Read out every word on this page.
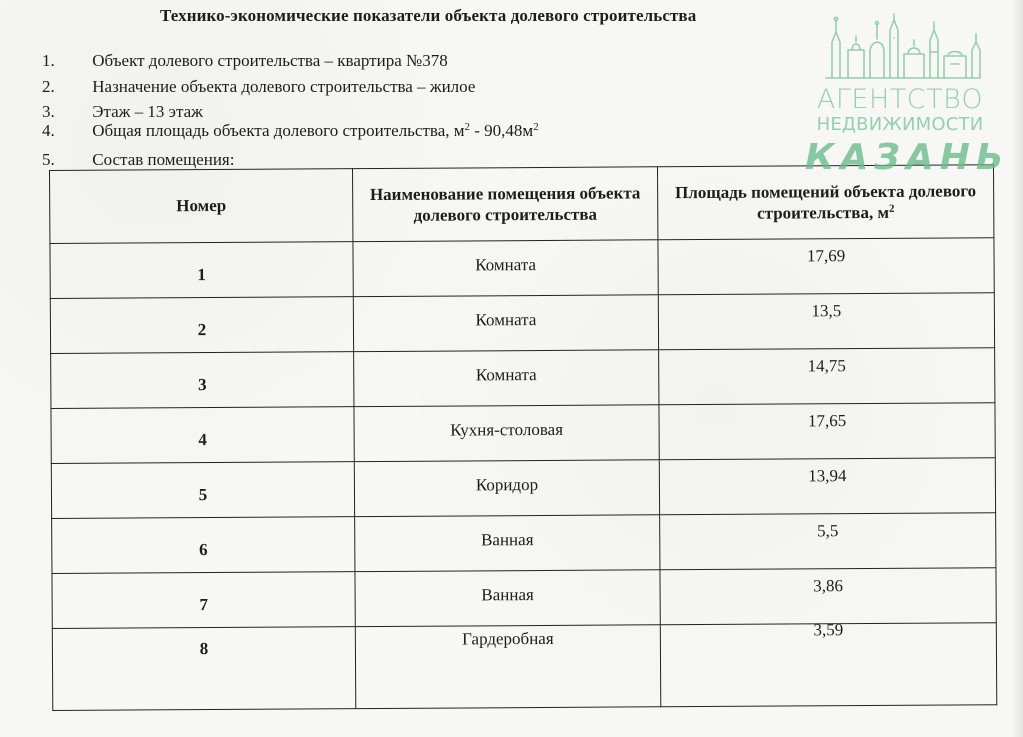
Технико-экономические показатели объекта долевого строительства
1. Объект долевого строительства – квартира №378
2. Назначение объекта долевого строительства – жилое
3. Этаж – 13 этаж
4. Общая площадь объекта долевого строительства, $м^2 - 90,48м^2$
5. Состав помещения:
Номер	Наименование помещения объекта долевого строительства	Площадь помещений объекта долевого строительства, $м^2$
1	Комната	17,69
2	Комната	13,5
3	Комната	14,75
4	Кухня-столовая	17,65
5	Коридор	13,94
6	Ванная	5,5
7	Ванная	3,86
8	Гардеробная	3,59
АГЕНТСТВО
НЕДВИЖИМОСТИ
КАЗАНЬ
